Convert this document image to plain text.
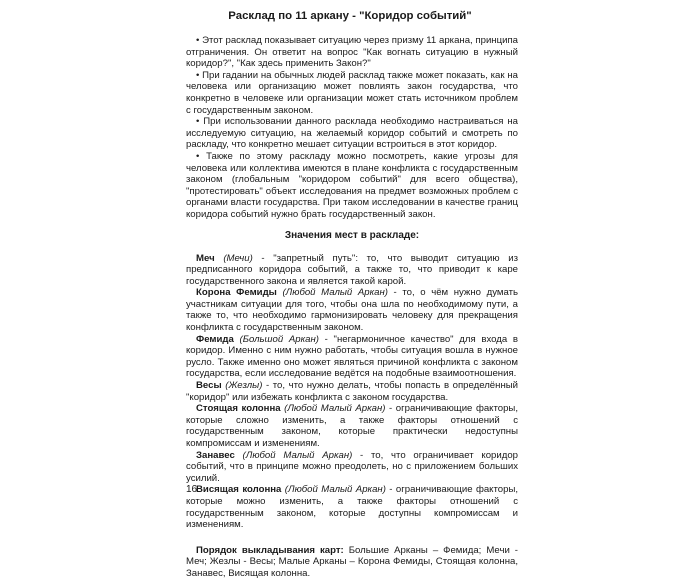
Расклад по 11 аркану - "Коридор событий"

• Этот расклад показывает ситуацию через призму 11 аркана, принципа отграничения. Он ответит на вопрос "Как вогнать ситуацию в нужный коридор?", "Как здесь применить Закон?"

• При гадании на обычных людей расклад также может показать, как на человека или организацию может повлиять закон государства, что конкретно в человеке или организации может стать источником проблем с государственным законом.

• При использовании данного расклада необходимо настраиваться на исследуемую ситуацию, на желаемый коридор событий и смотреть по раскладу, что конкретно мешает ситуации встроиться в этот коридор.

• Также по этому раскладу можно посмотреть, какие угрозы для человека или коллектива имеются в плане конфликта с государственным законом (глобальным "коридором событий" для всего общества), "протестировать" объект исследования на предмет возможных проблем с органами власти государства. При таком исследовании в качестве границ коридора событий нужно брать государственный закон.

Значения мест в раскладе:

Меч (Мечи) - "запретный путь": то, что выводит ситуацию из предписанного коридора событий, а также то, что приводит к каре государственного закона и является такой карой.

Корона Фемиды (Любой Малый Аркан) - то, о чём нужно думать участникам ситуации для того, чтобы она шла по необходимому пути, а также то, что необходимо гармонизировать человеку для прекращения конфликта с государственным законом.

Фемида (Большой Аркан) - "негармоничное качество" для входа в коридор. Именно с ним нужно работать, чтобы ситуация вошла в нужное русло. Также именно оно может являться причиной конфликта с законом государства, если исследование ведётся на подобные взаимоотношения.

Весы (Жезлы) - то, что нужно делать, чтобы попасть в определённый "коридор" или избежать конфликта с законом государства.

Стоящая колонна (Любой Малый Аркан) - ограничивающие факторы, которые сложно изменить, а также факторы отношений с государственным законом, которые практически недоступны компромиссам и изменениям.

Занавес (Любой Малый Аркан) - то, что ограничивает коридор событий, что в принципе можно преодолеть, но с приложением больших усилий.

Висящая колонна (Любой Малый Аркан) - ограничивающие факторы, которые можно изменить, а также факторы отношений с государственным законом, которые доступны компромиссам и изменениям.

Порядок выкладывания карт: Большие Арканы – Фемида; Мечи - Меч; Жезлы - Весы; Малые Арканы – Корона Фемиды, Стоящая колонна, Занавес, Висящая колонна.

16
